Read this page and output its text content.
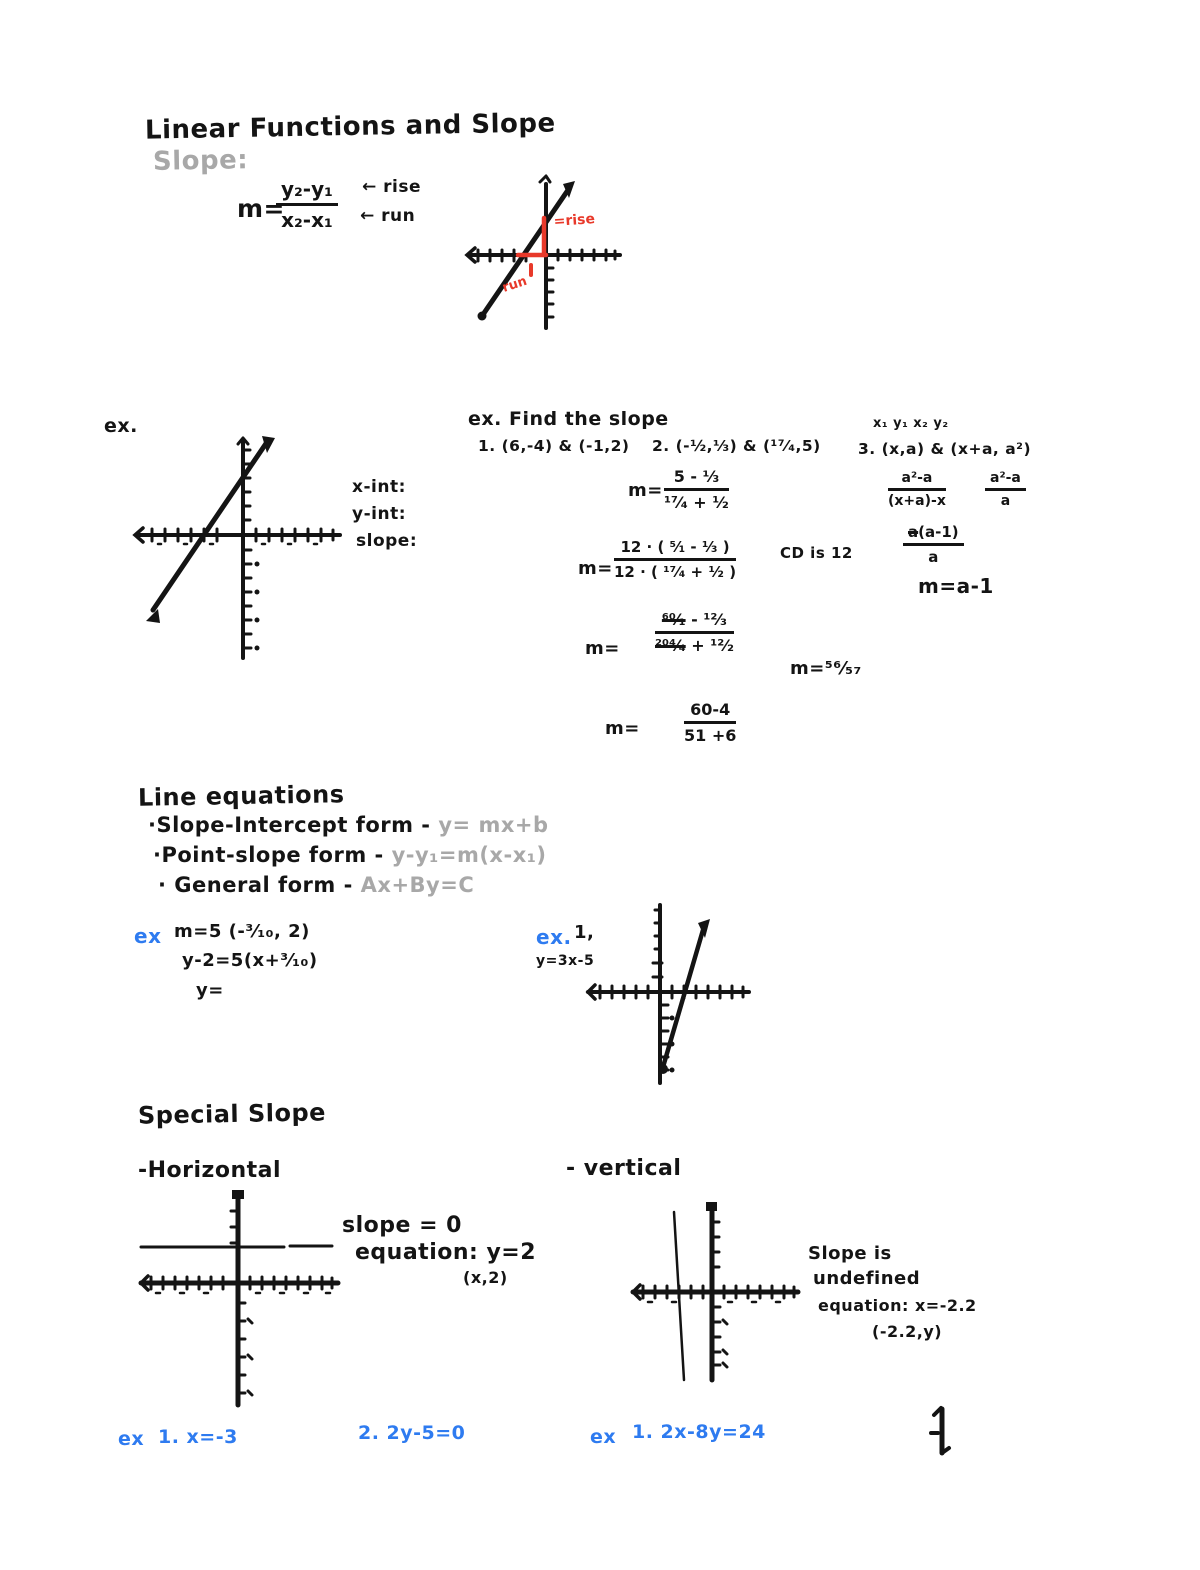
Linear Functions and Slope
Slope:
m=
$\frac{\text{y₂-y₁}}{\text{x₂-x₁}}$ ← rise
← run	=rise
run
ex.
x-int:
y-int:
slope:
ex. Find the slope
1. (6,-4) & (-1,2) 2. (-½,⅓) & (¹⁷⁄₄,5)
x₁ y₁ x₂ y₂
3. (x,a) & (x+a, a²)
m=
5 - ⅓
¹⁷⁄₄ + ¹⁄₂
$m= \frac{\text{12 · ( ⁵⁄₁ - ¹⁄₃ )}}{\text{12 · ( ¹⁷⁄₄ + ¹⁄₂ )}}$	CD is 12
m=
⁶⁰⁄₁ - ¹²⁄₃
²⁰⁴⁄₄ + ¹²⁄₂
m=⁵⁶⁄₅₇
m=	$\frac{60-4}{51 +6}$
$\frac{\text{a²-a}}{(x+a)-x}$	$\frac{\text{a²-a}}{a}$
$\frac{a(a-1)}{a}$
m=a-1
Line equations
·Slope-Intercept form - y= mx+b
·Point-slope form - y-y₁=m(x-x₁)
· General form - Ax+By=C
ex m=5 (-³⁄₁₀, 2)
y-2=5(x+³⁄₁₀)
y=
ex. 1,
y=3x-5
Special Slope
-Horizontal
slope = 0
equation: y=2
(x,2)
- vertical
Slope is
undefined
equation: x=-2.2
(-2.2,y)
ex 1. x=-3	2. 2y-5=0	ex 1. 2x-8y=24
